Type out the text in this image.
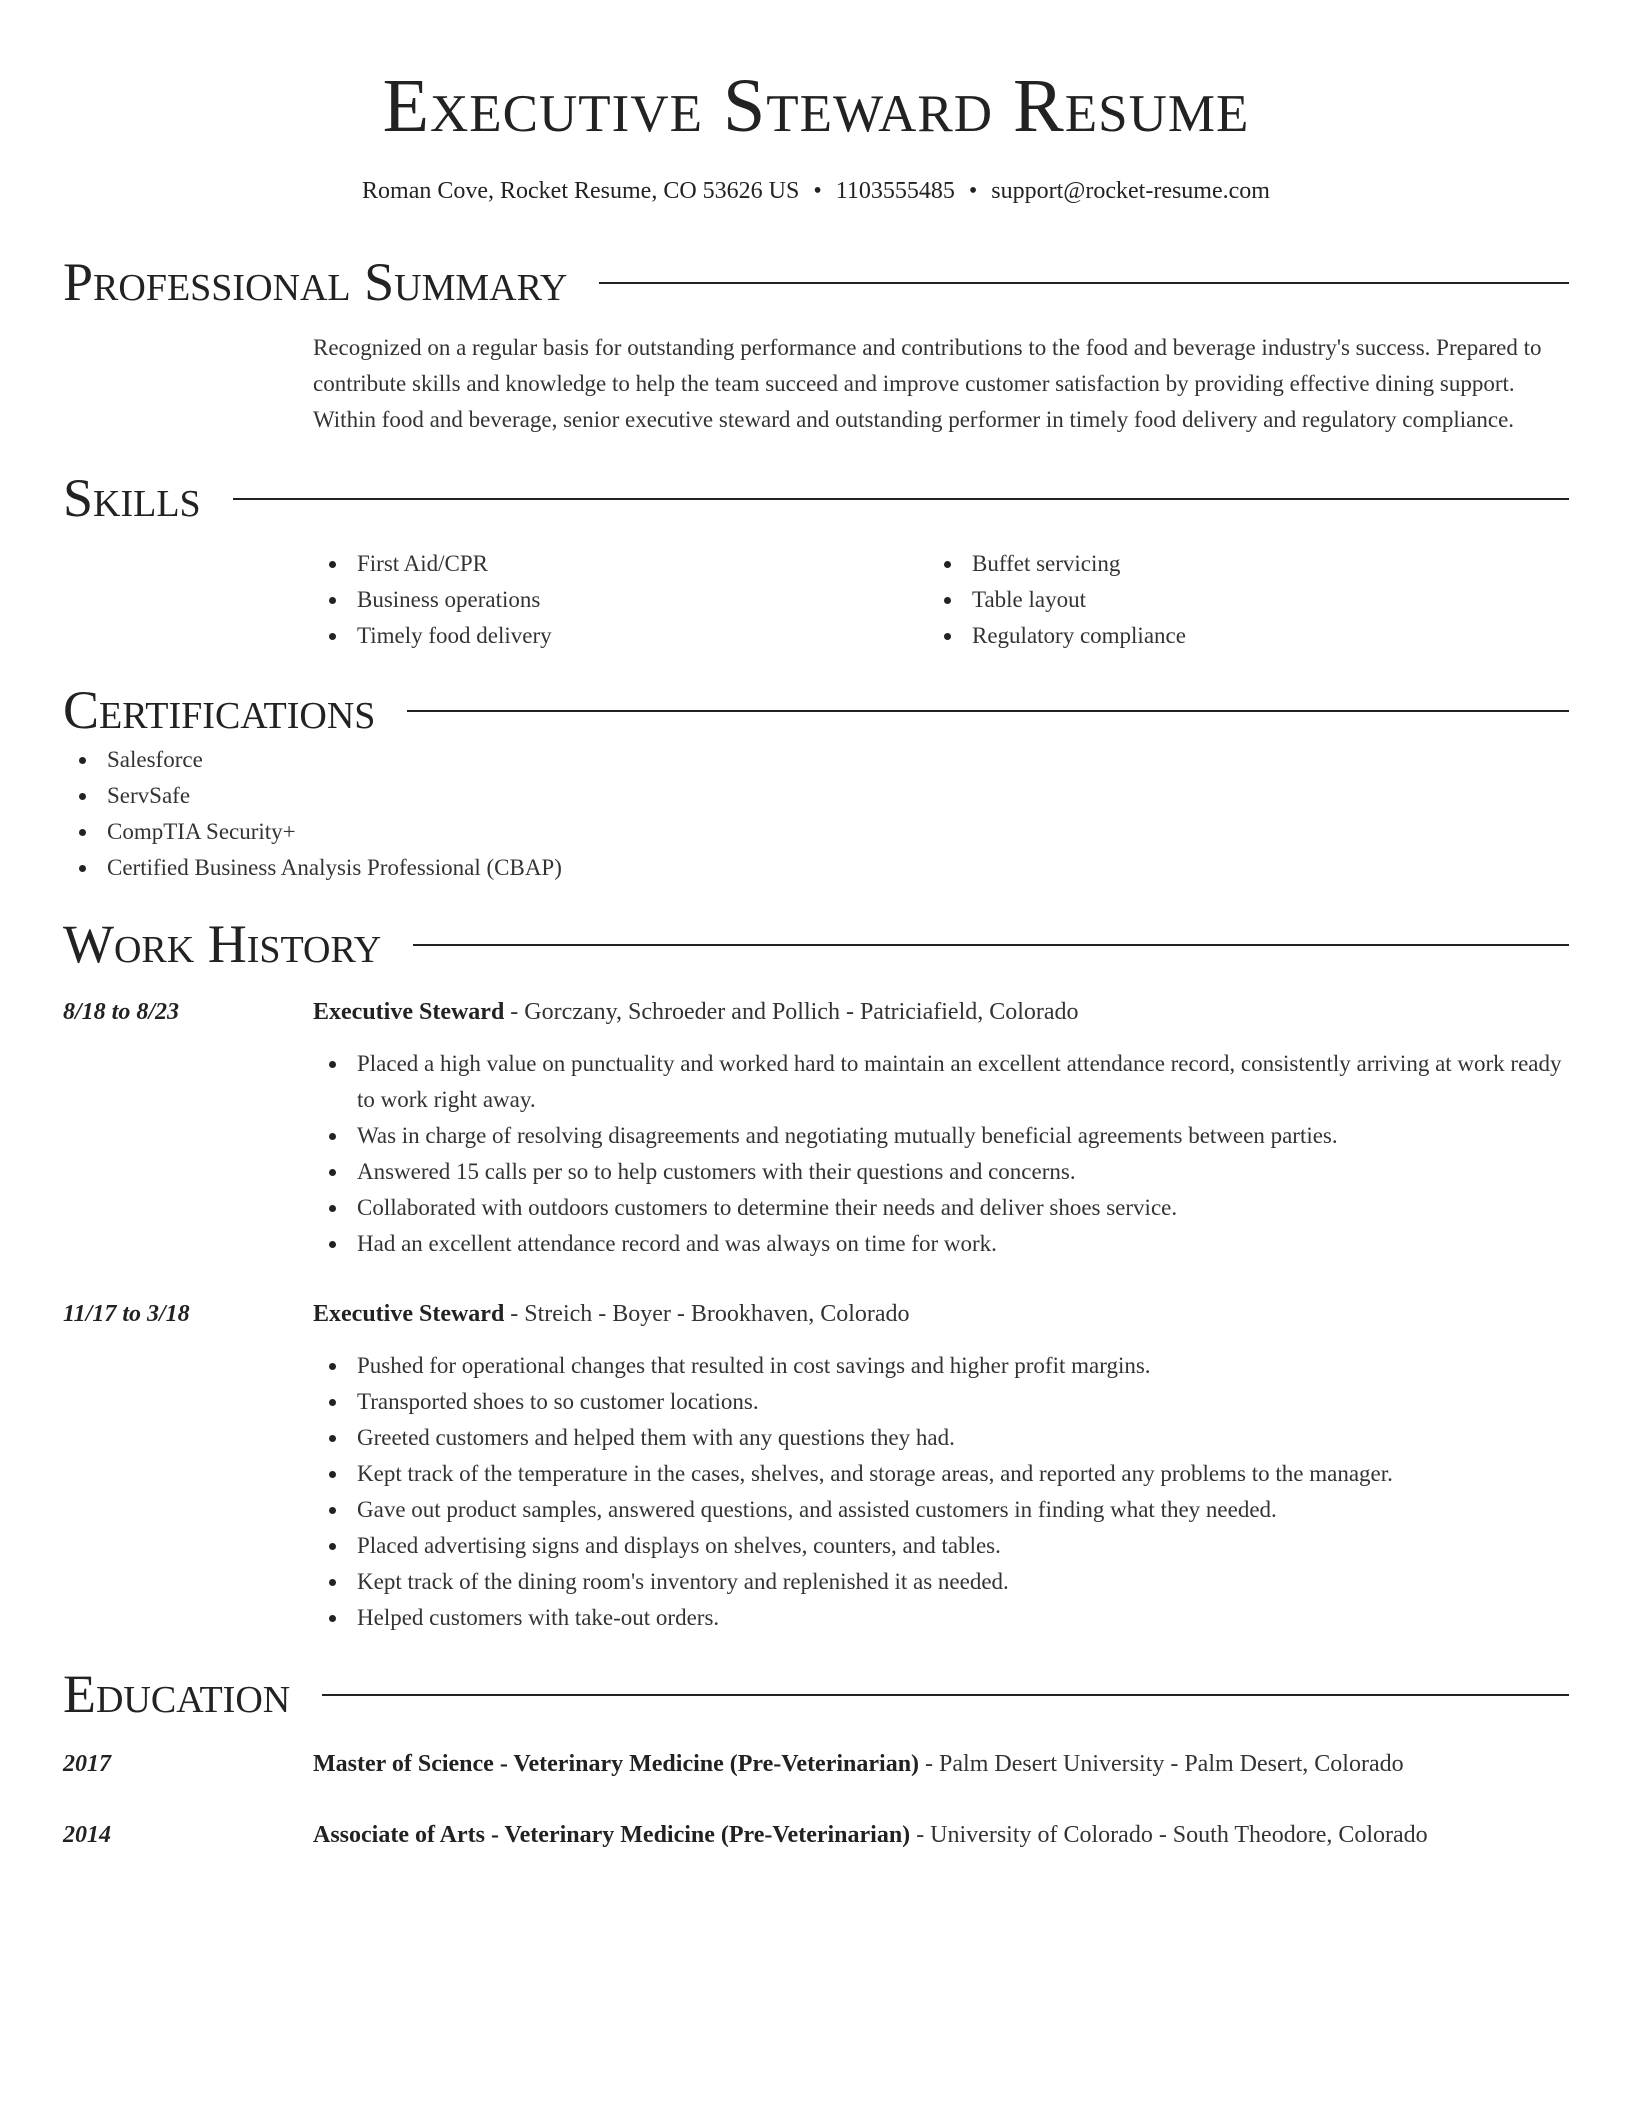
Executive Steward Resume
Roman Cove, Rocket Resume, CO 53626 US • 1103555485 • support@rocket-resume.com
Professional Summary
Recognized on a regular basis for outstanding performance and contributions to the food and beverage industry's success. Prepared to contribute skills and knowledge to help the team succeed and improve customer satisfaction by providing effective dining support. Within food and beverage, senior executive steward and outstanding performer in timely food delivery and regulatory compliance.
Skills
First Aid/CPR
Business operations
Timely food delivery
Buffet servicing
Table layout
Regulatory compliance
Certifications
Salesforce
ServSafe
CompTIA Security+
Certified Business Analysis Professional (CBAP)
Work History
8/18 to 8/23	Executive Steward - Gorczany, Schroeder and Pollich - Patriciafield, Colorado
Placed a high value on punctuality and worked hard to maintain an excellent attendance record, consistently arriving at work ready to work right away.
Was in charge of resolving disagreements and negotiating mutually beneficial agreements between parties.
Answered 15 calls per so to help customers with their questions and concerns.
Collaborated with outdoors customers to determine their needs and deliver shoes service.
Had an excellent attendance record and was always on time for work.
11/17 to 3/18	Executive Steward - Streich - Boyer - Brookhaven, Colorado
Pushed for operational changes that resulted in cost savings and higher profit margins.
Transported shoes to so customer locations.
Greeted customers and helped them with any questions they had.
Kept track of the temperature in the cases, shelves, and storage areas, and reported any problems to the manager.
Gave out product samples, answered questions, and assisted customers in finding what they needed.
Placed advertising signs and displays on shelves, counters, and tables.
Kept track of the dining room's inventory and replenished it as needed.
Helped customers with take-out orders.
Education
2017	Master of Science - Veterinary Medicine (Pre-Veterinarian) - Palm Desert University - Palm Desert, Colorado
2014	Associate of Arts - Veterinary Medicine (Pre-Veterinarian) - University of Colorado - South Theodore, Colorado
